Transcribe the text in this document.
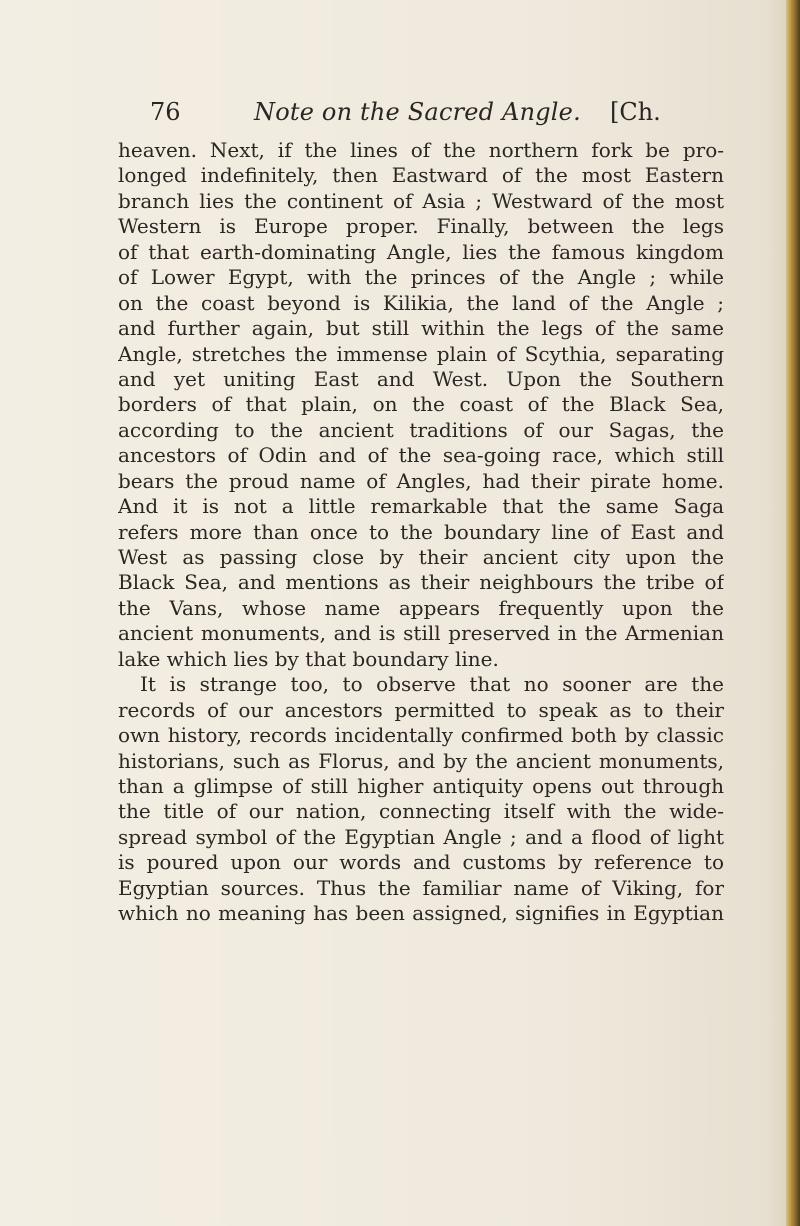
76	Note on the Sacred Angle. [Ch.
heaven. Next, if the lines of the northern fork be pro-
longed indefinitely, then Eastward of the most Eastern
branch lies the continent of Asia ; Westward of the most
Western is Europe proper. Finally, between the legs
of that earth-dominating Angle, lies the famous kingdom
of Lower Egypt, with the princes of the Angle ; while
on the coast beyond is Kilikia, the land of the Angle ;
and further again, but still within the legs of the same
Angle, stretches the immense plain of Scythia, separating
and yet uniting East and West. Upon the Southern
borders of that plain, on the coast of the Black Sea,
according to the ancient traditions of our Sagas, the
ancestors of Odin and of the sea-going race, which still
bears the proud name of Angles, had their pirate home.
And it is not a little remarkable that the same Saga
refers more than once to the boundary line of East and
West as passing close by their ancient city upon the
Black Sea, and mentions as their neighbours the tribe of
the Vans, whose name appears frequently upon the
ancient monuments, and is still preserved in the Armenian
lake which lies by that boundary line.
It is strange too, to observe that no sooner are the
records of our ancestors permitted to speak as to their
own history, records incidentally confirmed both by classic
historians, such as Florus, and by the ancient monuments,
than a glimpse of still higher antiquity opens out through
the title of our nation, connecting itself with the wide-
spread symbol of the Egyptian Angle ; and a flood of light
is poured upon our words and customs by reference to
Egyptian sources. Thus the familiar name of Viking, for
which no meaning has been assigned, signifies in Egyptian
